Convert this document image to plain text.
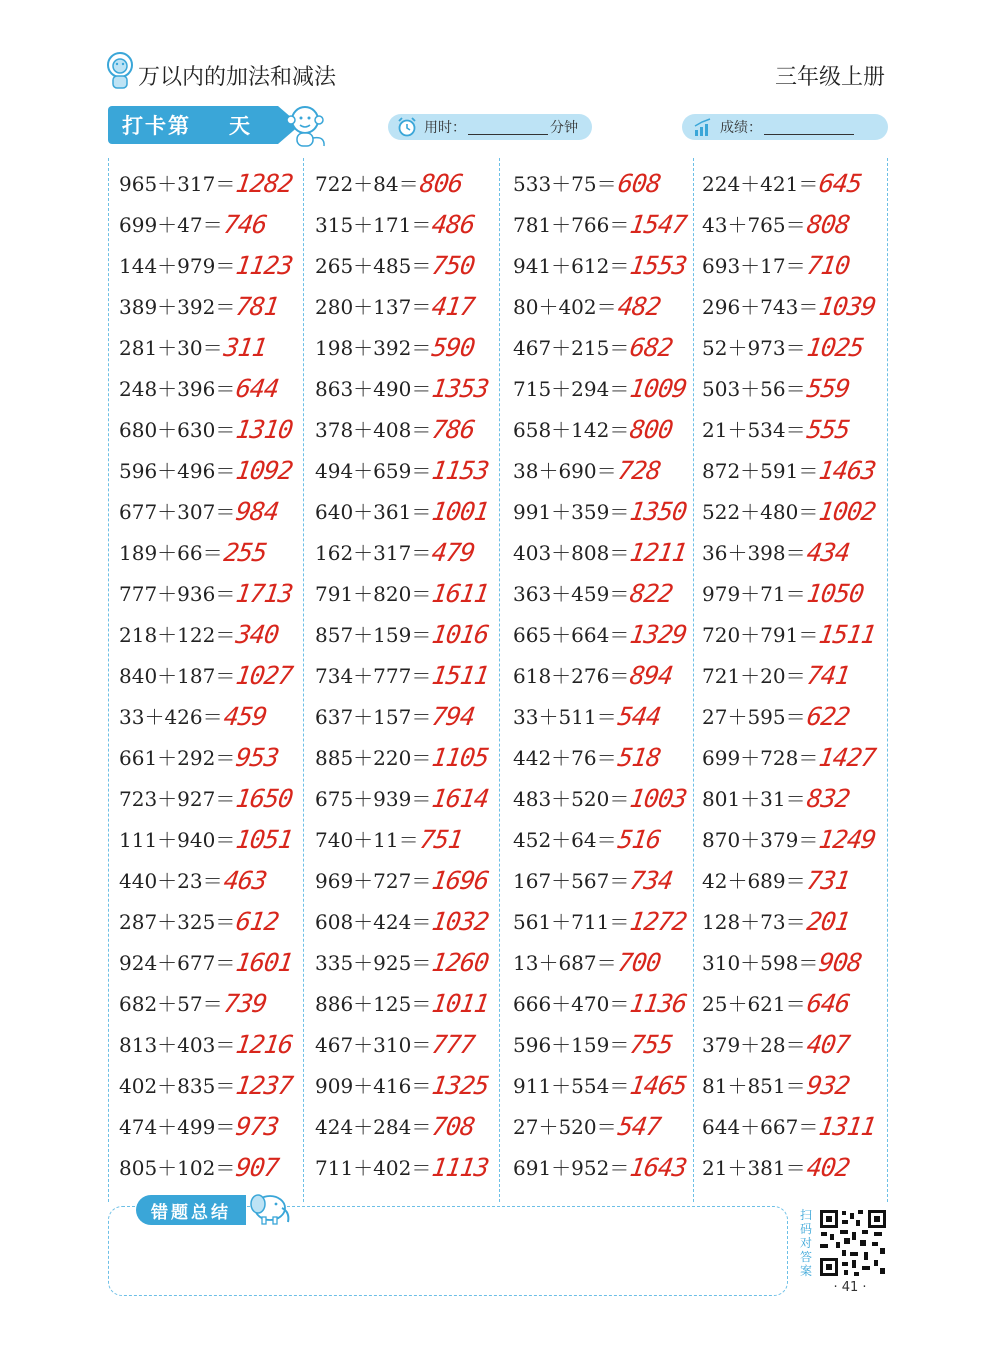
万以内的加法和减法	三年级上册
打卡第 天	用时：	分钟	成绩：
965＋317＝ 1282
699＋47＝ 746
144＋979＝ 1123
389＋392＝ 781
281＋30＝ 311
248＋396＝ 644
680＋630＝ 1310
596＋496＝ 1092
677＋307＝ 984
189＋66＝ 255
777＋936＝ 1713
218＋122＝ 340
840＋187＝ 1027
33＋426＝ 459
661＋292＝ 953
723＋927＝ 1650
111＋940＝ 1051
440＋23＝ 463
287＋325＝ 612
924＋677＝ 1601
682＋57＝ 739
813＋403＝ 1216
402＋835＝ 1237
474＋499＝ 973
805＋102＝ 907
722＋84＝ 806
315＋171＝ 486
265＋485＝ 750
280＋137＝ 417
198＋392＝ 590
863＋490＝ 1353
378＋408＝ 786
494＋659＝ 1153
640＋361＝ 1001
162＋317＝ 479
791＋820＝ 1611
857＋159＝ 1016
734＋777＝ 1511
637＋157＝ 794
885＋220＝ 1105
675＋939＝ 1614
740＋11＝ 751
969＋727＝ 1696
608＋424＝ 1032
335＋925＝ 1260
886＋125＝ 1011
467＋310＝ 777
909＋416＝ 1325
424＋284＝ 708
711＋402＝ 1113
533＋75＝ 608
781＋766＝ 1547
941＋612＝ 1553
80＋402＝ 482
467＋215＝ 682
715＋294＝ 1009
658＋142＝ 800
38＋690＝ 728
991＋359＝ 1350
403＋808＝ 1211
363＋459＝ 822
665＋664＝ 1329
618＋276＝ 894
33＋511＝ 544
442＋76＝ 518
483＋520＝ 1003
452＋64＝ 516
167＋567＝ 734
561＋711＝ 1272
13＋687＝ 700
666＋470＝ 1136
596＋159＝ 755
911＋554＝ 1465
27＋520＝ 547
691＋952＝ 1643
224＋421＝ 645
43＋765＝ 808
693＋17＝ 710
296＋743＝ 1039
52＋973＝ 1025
503＋56＝ 559
21＋534＝ 555
872＋591＝ 1463
522＋480＝ 1002
36＋398＝ 434
979＋71＝ 1050
720＋791＝ 1511
721＋20＝ 741
27＋595＝ 622
699＋728＝ 1427
801＋31＝ 832
870＋379＝ 1249
42＋689＝ 731
128＋73＝ 201
310＋598＝ 908
25＋621＝ 646
379＋28＝ 407
81＋851＝ 932
644＋667＝ 1311
21＋381＝ 402
错题总结	扫
码
对
答
案
· 41 ·
